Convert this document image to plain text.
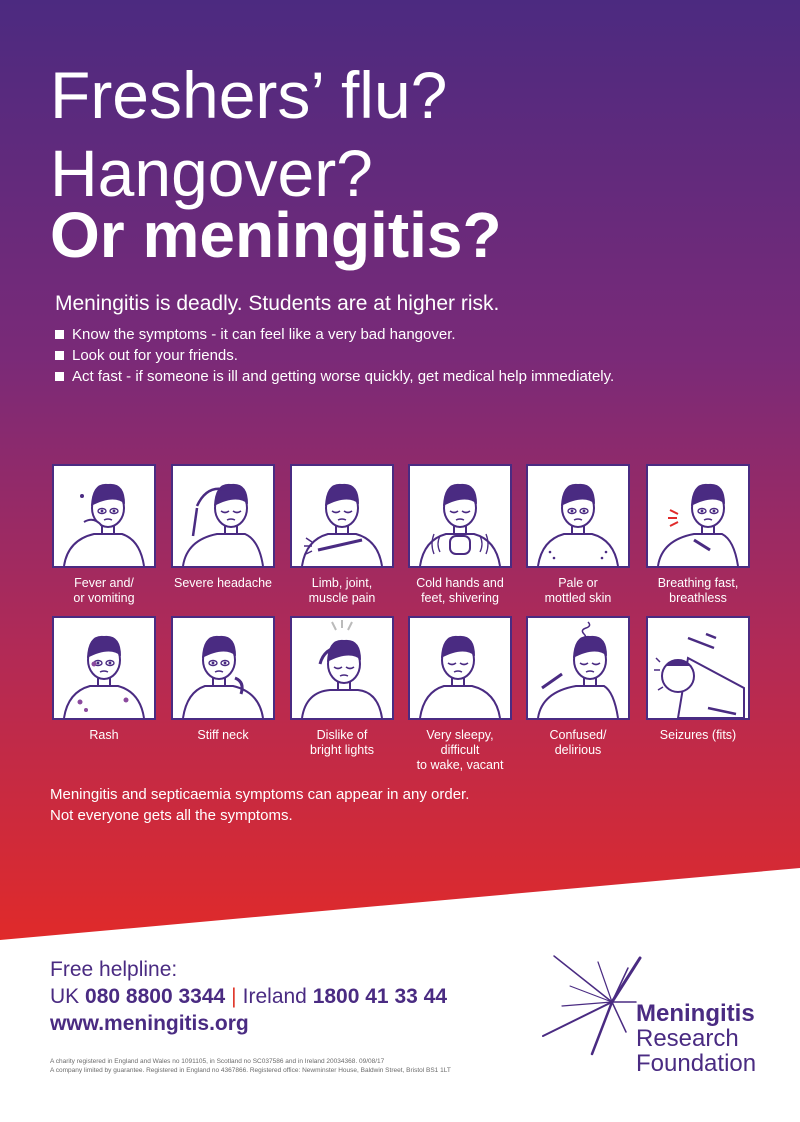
Freshers’ flu?
Hangover?
Or meningitis?
Meningitis is deadly. Students are at higher risk.
Know the symptoms - it can feel like a very bad hangover.
Look out for your friends.
Act fast - if someone is ill and getting worse quickly, get medical help immediately.
Fever and/
or vomiting
Severe headache	Limb, joint,
muscle pain
Cold hands and
feet, shivering
Pale or
mottled skin
Breathing fast,
breathless
Rash	Stiff neck	Dislike of
bright lights
Very sleepy, difficult
to wake, vacant
Confused/
delirious
Seizures (fits)
Meningitis and septicaemia symptoms can appear in any order.
Not everyone gets all the symptoms.
Free helpline:
UK 080 8800 3344 | Ireland 1800 41 33 44
www.meningitis.org
A charity registered in England and Wales no 1091105, in Scotland no SC037586 and in Ireland 20034368. 09/08/17
A company limited by guarantee. Registered in England no 4367866. Registered office: Newminster House, Baldwin Street, Bristol BS1 1LT
Meningitis
Research
Foundation
